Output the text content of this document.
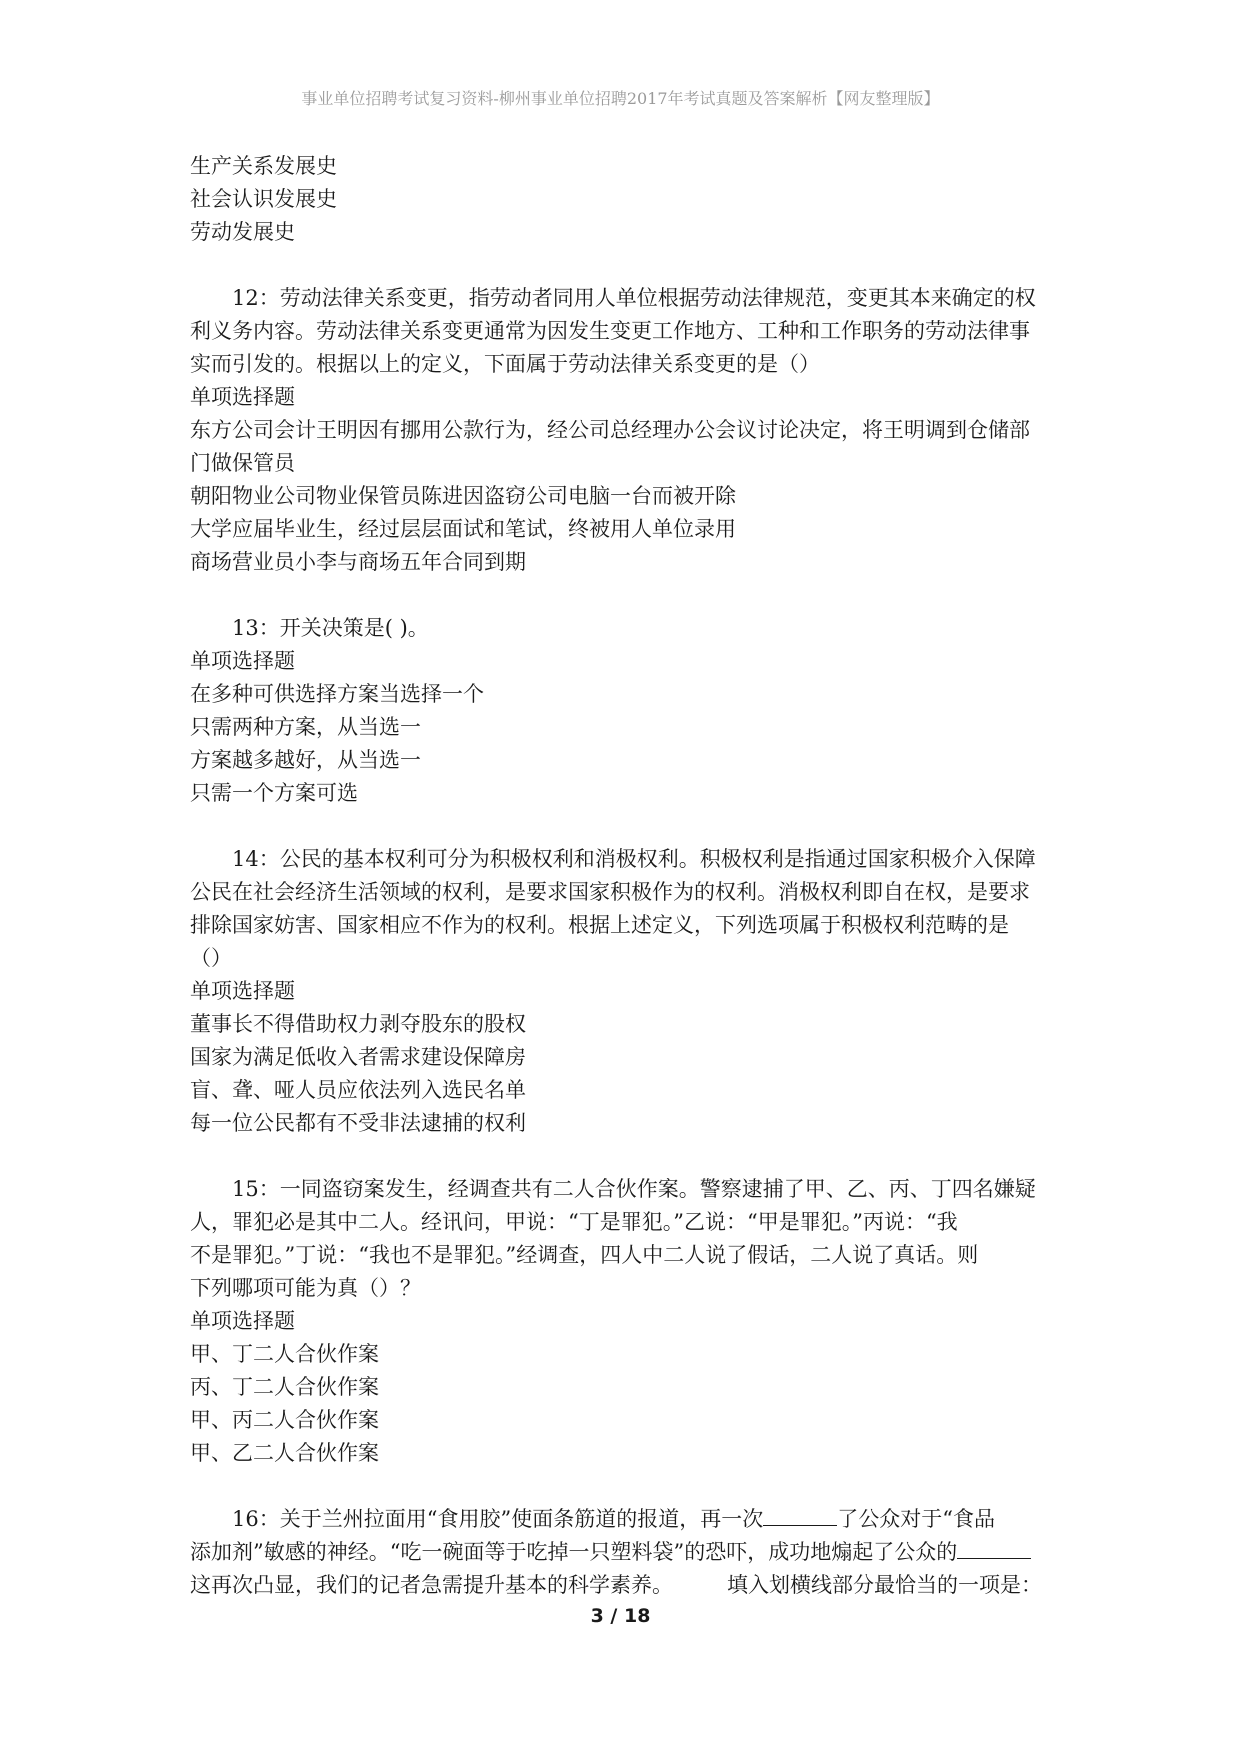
事业单位招聘考试复习资料-柳州事业单位招聘2017年考试真题及答案解析【网友整理版】
生产关系发展史
社会认识发展史
劳动发展史
12：劳动法律关系变更，指劳动者同用人单位根据劳动法律规范，变更其本来确定的权
利义务内容。劳动法律关系变更通常为因发生变更工作地方、工种和工作职务的劳动法律事
实而引发的。根据以上的定义，下面属于劳动法律关系变更的是（）
单项选择题
东方公司会计王明因有挪用公款行为，经公司总经理办公会议讨论决定，将王明调到仓储部
门做保管员
朝阳物业公司物业保管员陈进因盗窃公司电脑一台而被开除
大学应届毕业生，经过层层面试和笔试，终被用人单位录用
商场营业员小李与商场五年合同到期
13：开关决策是( )。
单项选择题
在多种可供选择方案当选择一个
只需两种方案，从当选一
方案越多越好，从当选一
只需一个方案可选
14：公民的基本权利可分为积极权利和消极权利。积极权利是指通过国家积极介入保障
公民在社会经济生活领域的权利，是要求国家积极作为的权利。消极权利即自在权，是要求
排除国家妨害、国家相应不作为的权利。根据上述定义，下列选项属于积极权利范畴的是
（）
单项选择题
董事长不得借助权力剥夺股东的股权
国家为满足低收入者需求建设保障房
盲、聋、哑人员应依法列入选民名单
每一位公民都有不受非法逮捕的权利
15：一同盗窃案发生，经调查共有二人合伙作案。警察逮捕了甲、乙、丙、丁四名嫌疑
人，罪犯必是其中二人。经讯问，甲说：“丁是罪犯。”乙说：“甲是罪犯。”丙说：“我
不是罪犯。”丁说：“我也不是罪犯。”经调查，四人中二人说了假话，二人说了真话。则
下列哪项可能为真（）？
单项选择题
甲、丁二人合伙作案
丙、丁二人合伙作案
甲、丙二人合伙作案
甲、乙二人合伙作案
16：关于兰州拉面用“食用胶”使面条筋道的报道，再一次	了公众对于“食品
添加剂”敏感的神经。“吃一碗面等于吃掉一只塑料袋”的恐吓，成功地煽起了公众的
这再次凸显，我们的记者急需提升基本的科学素养。	填入划横线部分最恰当的一项是：
3 / 18
